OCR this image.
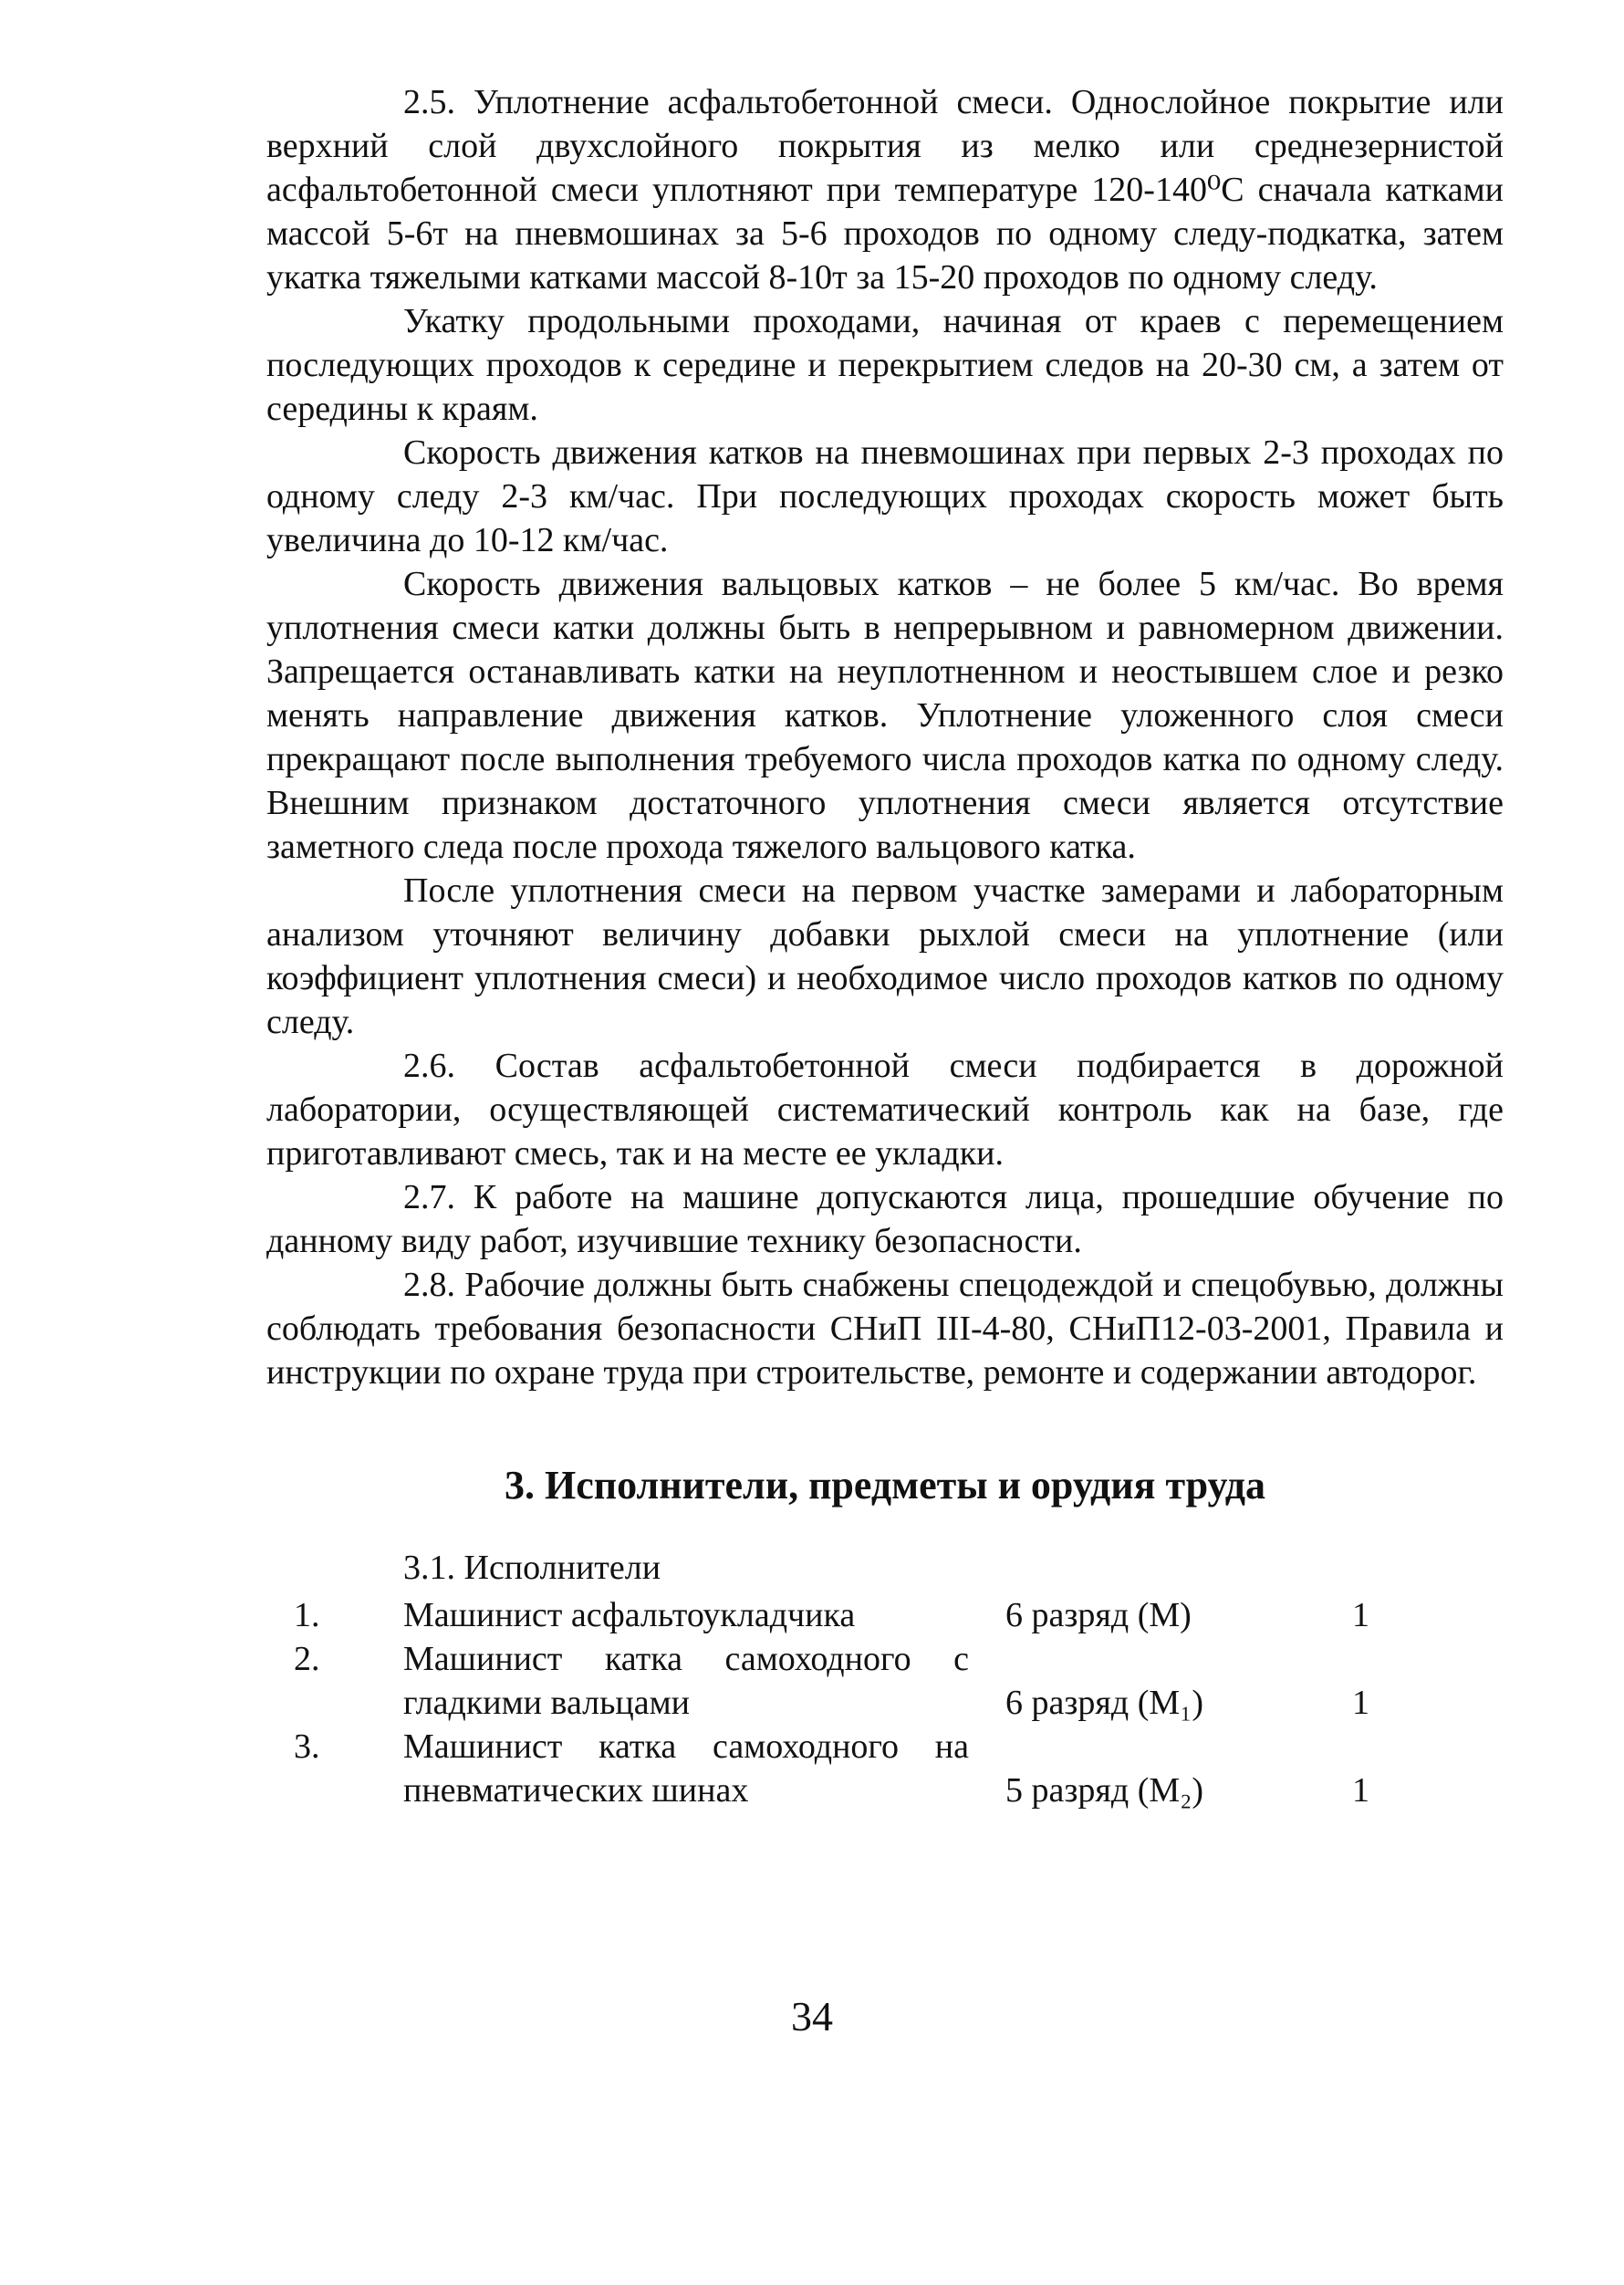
2.5. Уплотнение асфальтобетонной смеси. Однослойное покрытие или верхний слой двухслойного покрытия из мелко или среднезернистой асфальтобетонной смеси уплотняют при температуре 120-140⁰С сначала катками массой 5-6т на пневмошинах за 5-6 проходов по одному следу-подкатка, затем укатка тяжелыми катками массой 8-10т за 15-20 проходов по одному следу.

Укатку продольными проходами, начиная от краев с перемещением последующих проходов к середине и перекрытием следов на 20-30 см, а затем от середины к краям.

Скорость движения катков на пневмошинах при первых 2-3 проходах по одному следу 2-3 км/час. При последующих проходах скорость может быть увеличина до 10-12 км/час.

Скорость движения вальцовых катков – не более 5 км/час. Во время уплотнения смеси катки должны быть в непрерывном и равномерном движении. Запрещается останавливать катки на неуплотненном и неостывшем слое и резко менять направление движения катков. Уплотнение уложенного слоя смеси прекращают после выполнения требуемого числа проходов катка по одному следу. Внешним признаком достаточного уплотнения смеси является отсутствие заметного следа после прохода тяжелого вальцового катка.

После уплотнения смеси на первом участке замерами и лабораторным анализом уточняют величину добавки рыхлой смеси на уплотнение (или коэффициент уплотнения смеси) и необходимое число проходов катков по одному следу.

2.6. Состав асфальтобетонной смеси подбирается в дорожной лаборатории, осуществляющей систематический контроль как на базе, где приготавливают смесь, так и на месте ее укладки.

2.7. К работе на машине допускаются лица, прошедшие обучение по данному виду работ, изучившие технику безопасности.

2.8. Рабочие должны быть снабжены спецодеждой и спецобувью, должны соблюдать требования безопасности СНиП III-4-80, СНиП12-03-2001, Правила и инструкции по охране труда при строительстве, ремонте и содержании автодорог.

3. Исполнители, предметы и орудия труда
3.1. Исполнители
1.	Машинист асфальтоукладчика	6 разряд (М)	1
2.	Машинист катка самоходного с гладкими вальцами	6 разряд (М₁)	1
3.	Машинист катка самоходного на пневматических шинах	5 разряд (М₂)	1
34
